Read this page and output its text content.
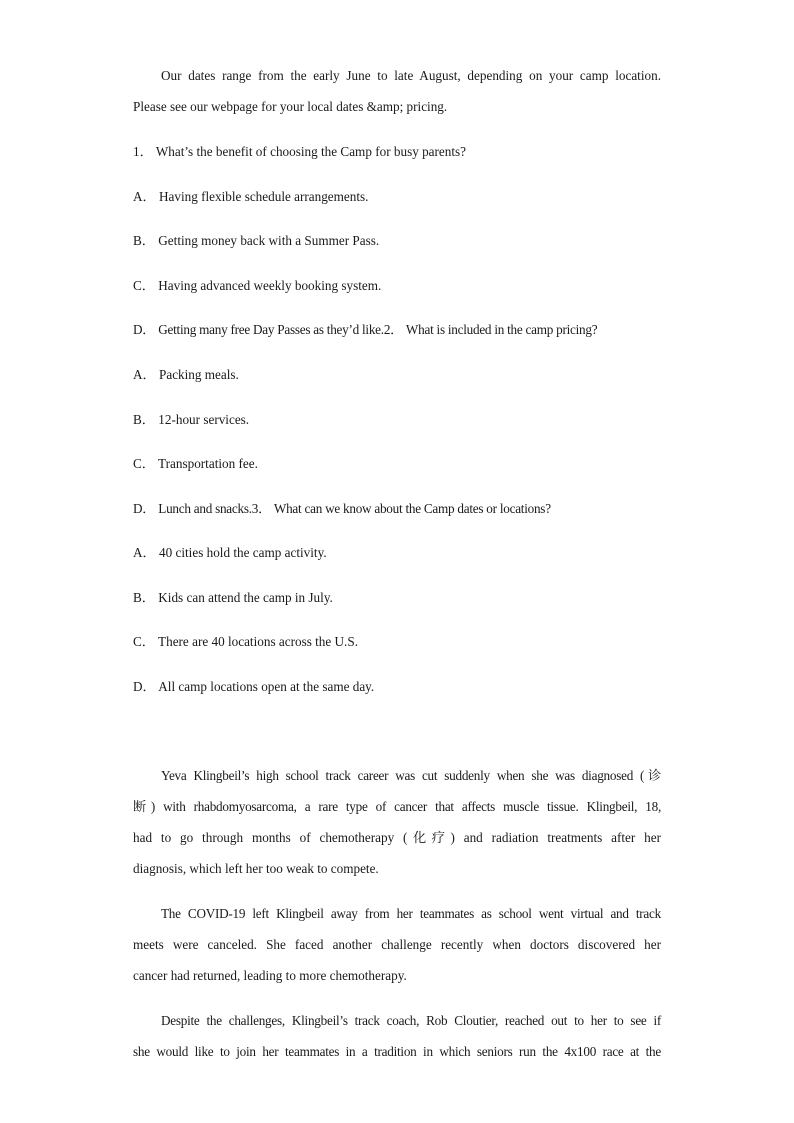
Our dates range from the early June to late August, depending on your camp location.
Please see our webpage for your local dates &amp; pricing.
1． What’s the benefit of choosing the Camp for busy parents?
A． Having flexible schedule arrangements.
B． Getting money back with a Summer Pass.
C． Having advanced weekly booking system.
D． Getting many free Day Passes as they’d like.2． What is included in the camp pricing?
A． Packing meals.
B． 12-hour services.
C． Transportation fee.
D． Lunch and snacks.3． What can we know about the Camp dates or locations?
A． 40 cities hold the camp activity.
B． Kids can attend the camp in July.
C． There are 40 locations across the U.S.
D． All camp locations open at the same day.
Yeva Klingbeil’s high school track career was cut suddenly when she was diagnosed (诊
断) with rhabdomyosarcoma, a rare type of cancer that affects muscle tissue. Klingbeil, 18,
had to go through months of chemotherapy (化疗) and radiation treatments after her
diagnosis, which left her too weak to compete.
The COVID-19 left Klingbeil away from her teammates as school went virtual and track
meets were canceled. She faced another challenge recently when doctors discovered her
cancer had returned, leading to more chemotherapy.
Despite the challenges, Klingbeil’s track coach, Rob Cloutier, reached out to her to see if
she would like to join her teammates in a tradition in which seniors run the 4x100 race at the
